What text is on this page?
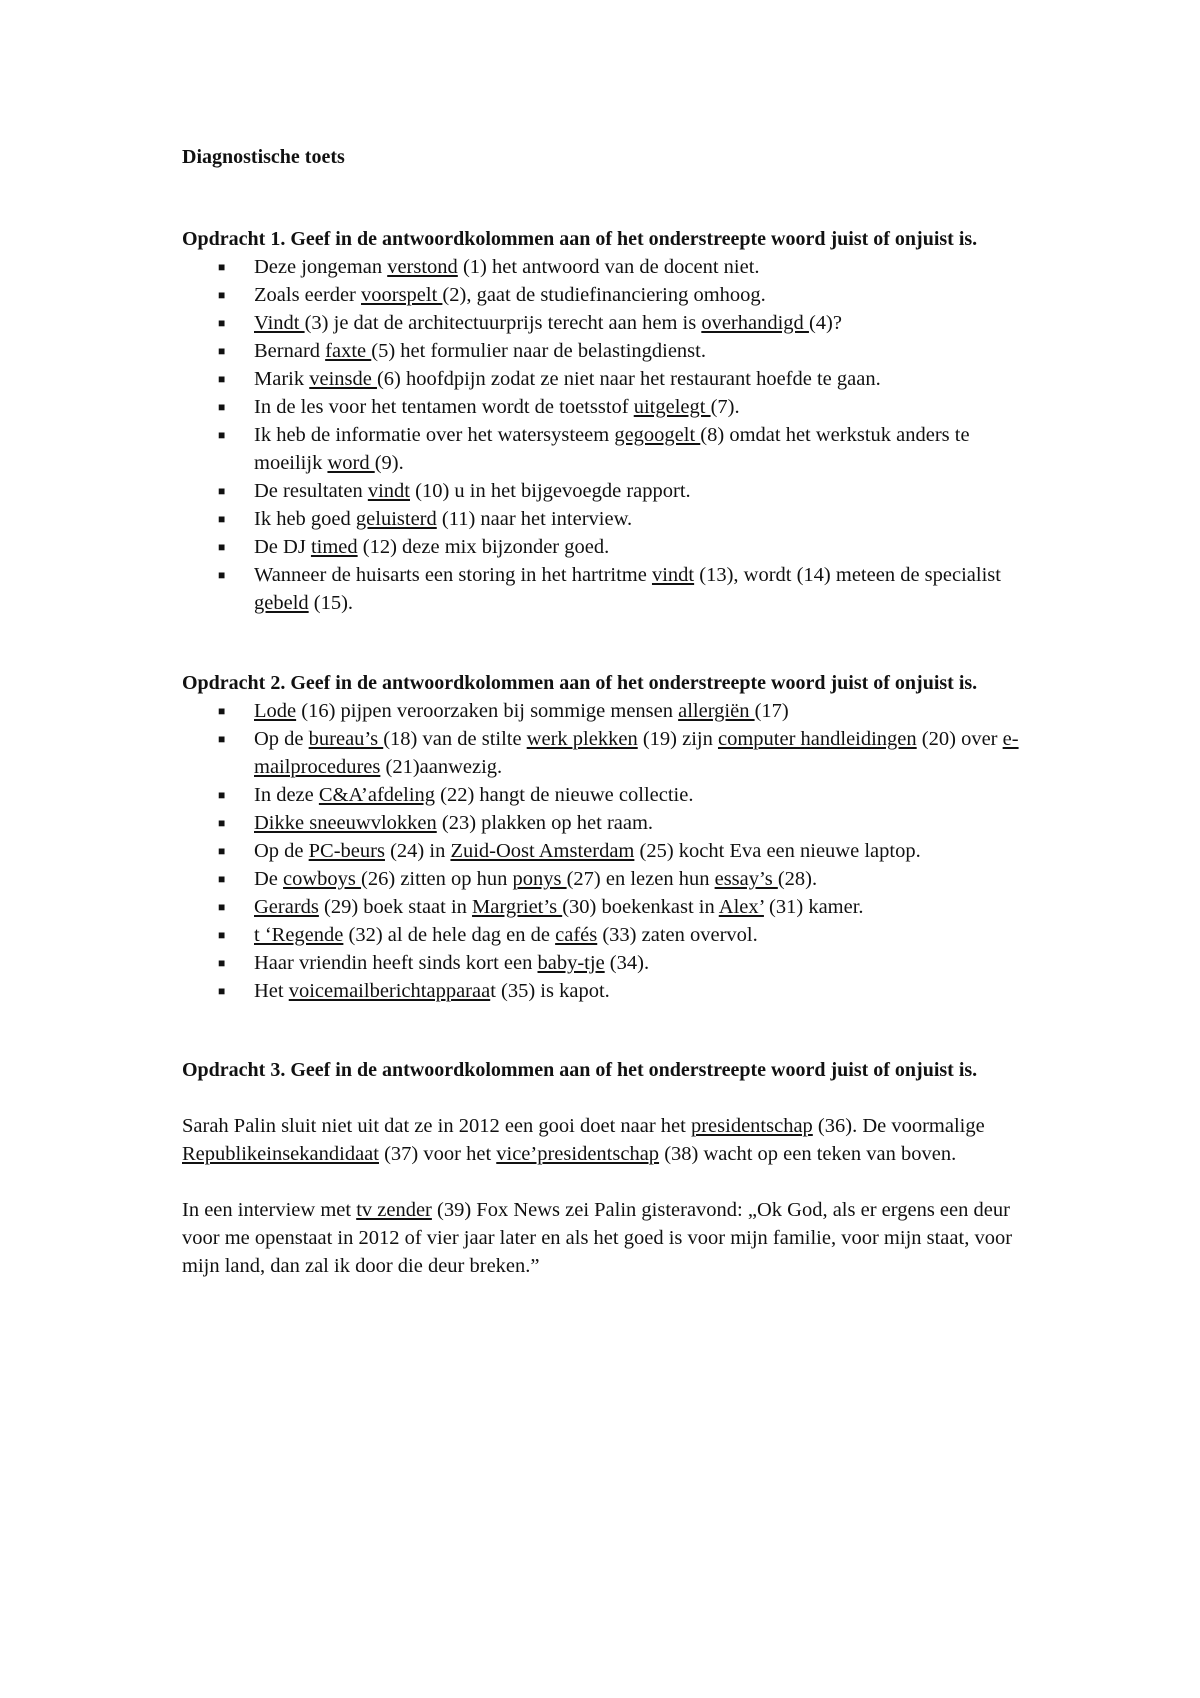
Diagnostische toets
Opdracht 1. Geef in de antwoordkolommen aan of het onderstreepte woord juist of onjuist is.
■ Deze jongeman verstond (1) het antwoord van de docent niet.
■ Zoals eerder voorspelt (2), gaat de studiefinanciering omhoog.
■ Vindt (3) je dat de architectuurprijs terecht aan hem is overhandigd (4)?
■ Bernard faxte (5) het formulier naar de belastingdienst.
■ Marik veinsde (6) hoofdpijn zodat ze niet naar het restaurant hoefde te gaan.
■ In de les voor het tentamen wordt de toetsstof uitgelegt (7).
■ Ik heb de informatie over het watersysteem gegoogelt (8) omdat het werkstuk anders te moeilijk word (9).
■ De resultaten vindt (10) u in het bijgevoegde rapport.
■ Ik heb goed geluisterd (11) naar het interview.
■ De DJ timed (12) deze mix bijzonder goed.
■ Wanneer de huisarts een storing in het hartritme vindt (13), wordt (14) meteen de specialist gebeld (15).
Opdracht 2. Geef in de antwoordkolommen aan of het onderstreepte woord juist of onjuist is.
■ Lode (16) pijpen veroorzaken bij sommige mensen allergiën (17)
■ Op de bureau’s (18) van de stilte werk plekken (19) zijn computer handleidingen (20) over e-mailprocedures (21)aanwezig.
■ In deze C&A’afdeling (22) hangt de nieuwe collectie.
■ Dikke sneeuwvlokken (23) plakken op het raam.
■ Op de PC-beurs (24) in Zuid-Oost Amsterdam (25) kocht Eva een nieuwe laptop.
■ De cowboys (26) zitten op hun ponys (27) en lezen hun essay’s (28).
■ Gerards (29) boek staat in Margriet’s (30) boekenkast in Alex’ (31) kamer.
■ t ‘Regende (32) al de hele dag en de cafés (33) zaten overvol.
■ Haar vriendin heeft sinds kort een baby-tje (34).
■ Het voicemailberichtapparaat (35) is kapot.
Opdracht 3. Geef in de antwoordkolommen aan of het onderstreepte woord juist of onjuist is.

Sarah Palin sluit niet uit dat ze in 2012 een gooi doet naar het presidentschap (36). De voormalige Republikeinsekandidaat (37) voor het vice’presidentschap (38) wacht op een teken van boven.

In een interview met tv zender (39) Fox News zei Palin gisteravond: „Ok God, als er ergens een deur voor me openstaat in 2012 of vier jaar later en als het goed is voor mijn familie, voor mijn staat, voor mijn land, dan zal ik door die deur breken.”
